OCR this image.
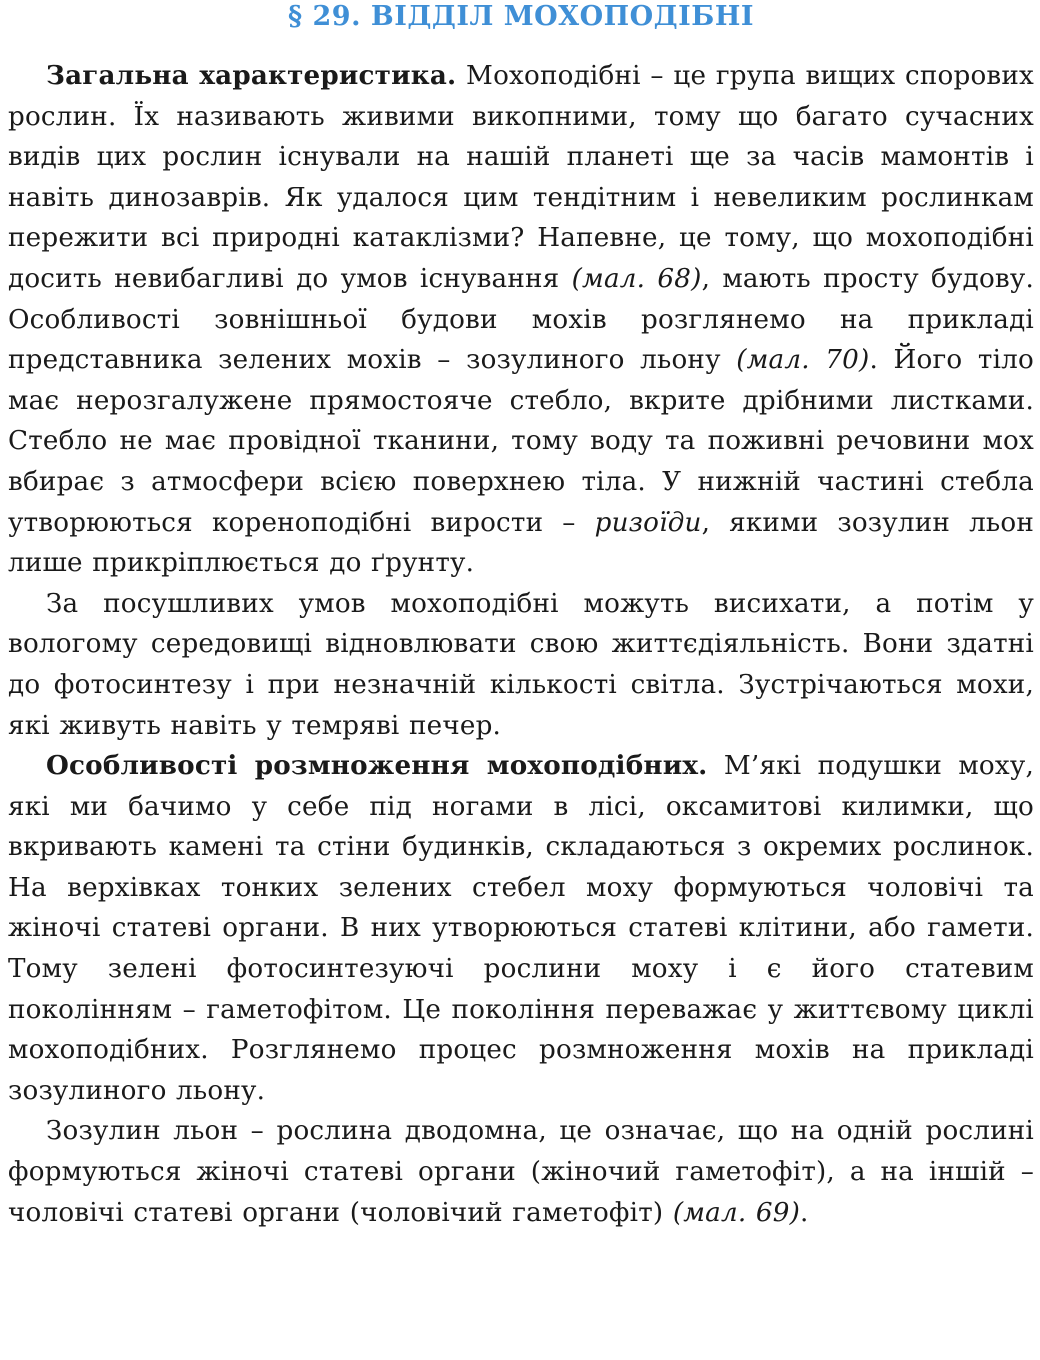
§ 29. ВІДДІЛ МОХОПОДІБНІ

Загальна характеристика. Мохоподібні – це група вищих спорових рослин. Їх називають живими викопними, тому що багато сучасних видів цих рослин існували на нашій планеті ще за часів мамонтів і навіть динозаврів. Як удалося цим тендітним і невеликим рослинкам пережити всі природні катаклізми? Напевне, це тому, що мохоподібні досить невибагливі до умов існування (мал. 68), мають просту будову. Особливості зовнішньої будови мохів розглянемо на прикладі представника зелених мохів – зозулиного льону (мал. 70). Його тіло має нерозгалужене прямостояче стебло, вкрите дрібними листками. Стебло не має провідної тканини, тому воду та поживні речовини мох вбирає з атмосфери всією поверхнею тіла. У нижній частині стебла утворюються кореноподібні вирости – ризоїди, якими зозулин льон лише прикріплюється до ґрунту.

За посушливих умов мохоподібні можуть висихати, а потім у вологому середовищі відновлювати свою життєдіяльність. Вони здатні до фотосинтезу і при незначній кількості світла. Зустрічаються мохи, які живуть навіть у темряві печер.

Особливості розмноження мохоподібних. М’які подушки моху, які ми бачимо у себе під ногами в лісі, оксамитові килимки, що вкривають камені та стіни будинків, складаються з окремих рослинок. На верхівках тонких зелених стебел моху формуються чоловічі та жіночі статеві органи. В них утворюються статеві клітини, або гамети. Тому зелені фотосинтезуючі рослини моху і є його статевим поколінням – гаметофітом. Це покоління переважає у життєвому циклі мохоподібних. Розглянемо процес розмноження мохів на прикладі зозулиного льону.

Зозулин льон – рослина дводомна, це означає, що на одній рослині формуються жіночі статеві органи (жіночий гаметофіт), а на іншій – чоловічі статеві органи (чоловічий гаметофіт) (мал. 69).
